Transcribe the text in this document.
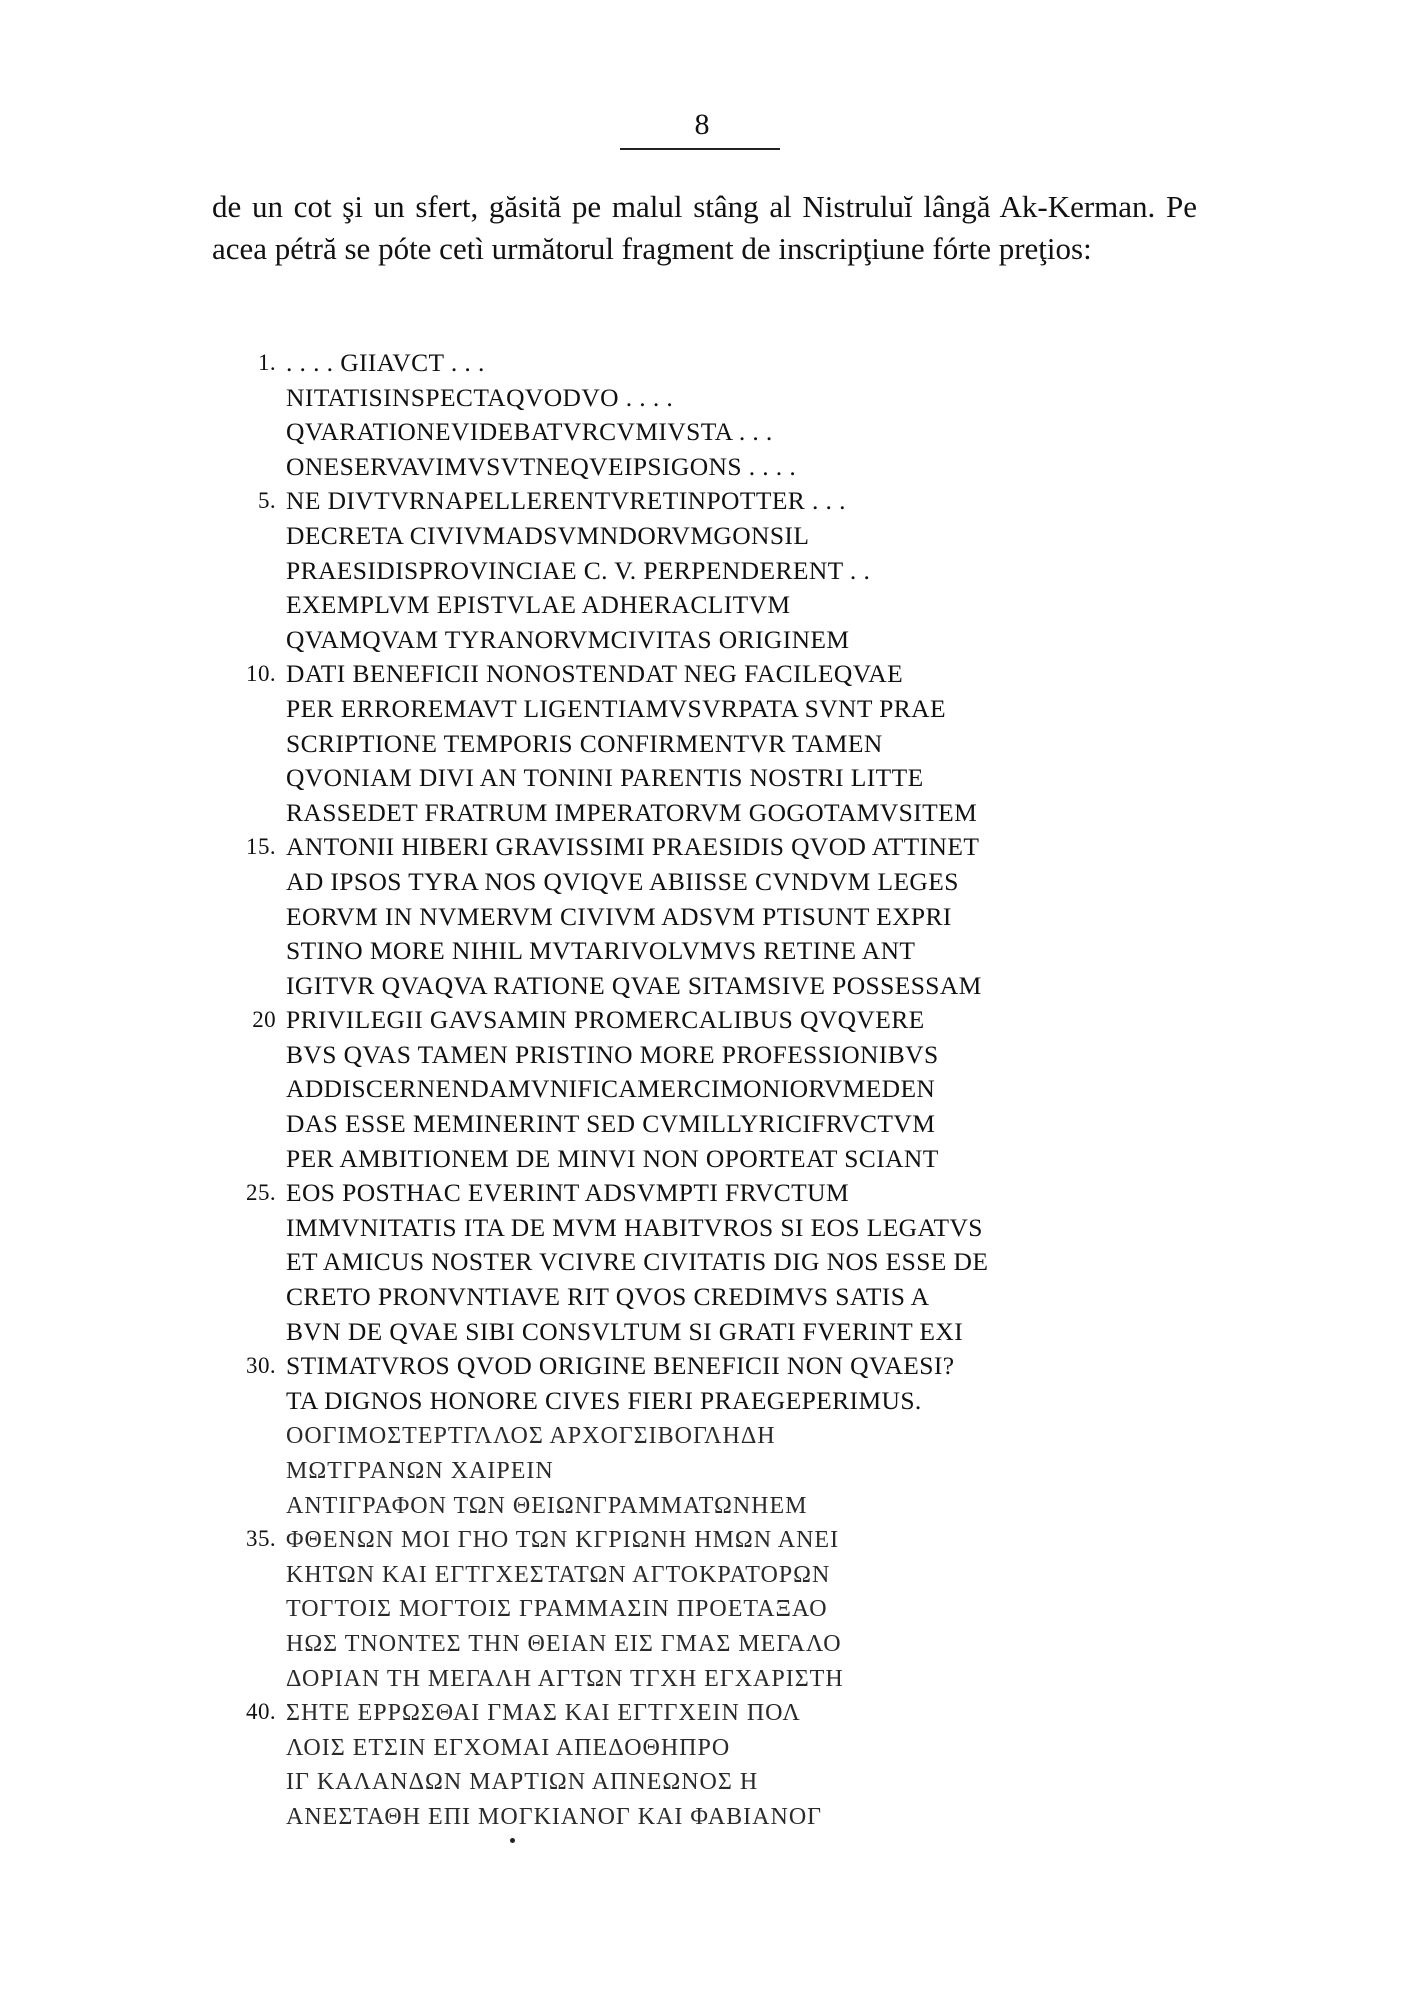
8

de un cot şi un sfert, găsită pe malul stâng al Nistruluĭ lângă Ak-Kerman. Pe acea pétră se póte cetì următorul fragment de inscripţiune fórte preţios:

1. . . . . GIIAVCT . . .
NITATISINSPECTAQVODVO . . . .
QVARATIONEVIDEBATVRCVMIVSTA . . .
ONESERVAVIMVSVTNEQVEIPSIGONS . . . .
5. NE DIVTVRNAPELLERENTVRETINPOTTER . . .
DECRETA CIVIVMADSVMNDORVMGONSIL
PRAESIDISPROVINCIAE C. V. PERPENDERENT . .
EXEMPLVM EPISTVLAE ADHERACLITVM
QVAMQVAM TYRANORVMCIVITAS ORIGINEM
10. DATI BENEFICII NONOSTENDAT NEG FACILEQVAE
PER ERROREMAVT LIGENTIAMVSVRPATA SVNT PRAE
SCRIPTIONE TEMPORIS CONFIRMENTVR TAMEN
QVONIAM DIVI AN TONINI PARENTIS NOSTRI LITTE
RASSEDET FRATRUM IMPERATORVM GOGOTAMVSITEM
15. ANTONII HIBERI GRAVISSIMI PRAESIDIS QVOD ATTINET
AD IPSOS TYRA NOS QVIQVE ABIISSE CVNDVM LEGES
EORVM IN NVMERVM CIVIVM ADSVM PTISUNT EXPRI
STINO MORE NIHIL MVTARIVOLVMVS RETINE ANT
IGITVR QVAQVA RATIONE QVAE SITAMSIVE POSSESSAM
20 PRIVILEGII GAVSAMIN PROMERCALIBUS QVQVERE
BVS QVAS TAMEN PRISTINO MORE PROFESSIONIBVS
ADDISCERNENDAMVNIFICAMERCIMONIORVMEDEN
DAS ESSE MEMINERINT SED CVMILLYRICIFRVCTVM
PER AMBITIONEM DE MINVI NON OPORTEAT SCIANT
25. EOS POSTHAC EVERINT ADSVMPTI FRVCTUM
IMMVNITATIS ITA DE MVM HABITVROS SI EOS LEGATVS
ET AMICUS NOSTER VCIVRE CIVITATIS DIG NOS ESSE DE
CRETO PRONVNTIAVE RIT QVOS CREDIMVS SATIS A
BVN DE QVAE SIBI CONSVLTUM SI GRATI FVERINT EXI
30. STIMATVROS QVOD ORIGINE BENEFICII NON QVAESI?
TA DIGNOS HONORE CIVES FIERI PRAEGEPERIMUS.
ΟΟΓΙΜΟΣΤΕΡΤΓΛΛΟΣ ΑΡΧΟΓΣΙΒΟΓΛΗΔΗ
ΜΩΤΓΡΑΝΩΝ ΧΑΙΡΕΙΝ
ΑΝΤΙΓΡΑΦΟΝ ΤΩΝ ΘΕΙΩΝΓΡΑΜΜΑΤΩΝΗΕΜ
35. ΦΘΕΝΩΝ ΜΟΙ ΓΗΟ ΤΩΝ ΚΓΡΙΩΝΗ ΗΜΩΝ ΑΝΕΙ
ΚΗΤΩΝ ΚΑΙ ΕΓΤΓΧΕΣΤΑΤΩΝ ΑΓΤΟΚΡΑΤΟΡΩΝ
ΤΟΓΤΟΙΣ ΜΟΓΤΟΙΣ ΓΡΑΜΜΑΣΙΝ ΠΡΟΕΤΑΞΑΟ
ΗΩΣ ΤΝΟΝΤΕΣ ΤΗΝ ΘΕΙΑΝ ΕΙΣ ΓΜΑΣ ΜΕΓΑΛΟ
ΔΟΡΙΑΝ ΤΗ ΜΕΓΑΛΗ ΑΓΤΩΝ ΤΓΧΗ ΕΓΧΑΡΙΣΤΗ
40. ΣΗΤΕ ΕΡΡΩΣΘΑΙ ΓΜΑΣ ΚΑΙ ΕΓΤΓΧΕΙΝ ΠΟΛ
ΛΟΙΣ ΕΤΣΙΝ ΕΓΧΟΜΑΙ ΑΠΕΔΟΘΗΠΡΟ
ΙΓ ΚΑΛΑΝΔΩΝ ΜΑΡΤΙΩΝ ΑΠΝΕΩΝΟΣ Η
ΑΝΕΣΤΑΘΗ ΕΠΙ ΜΟΓΚΙΑΝΟΓ ΚΑΙ ΦΑΒΙΑΝΟΓ
